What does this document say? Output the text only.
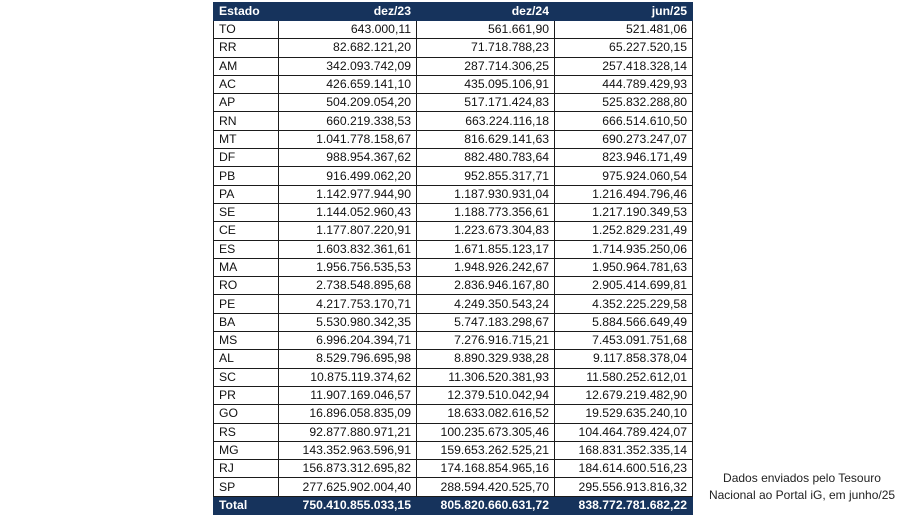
Estado	dez/23	dez/24	jun/25
TO	643.000,11	561.661,90	521.481,06
RR	82.682.121,20	71.718.788,23	65.227.520,15
AM	342.093.742,09	287.714.306,25	257.418.328,14
AC	426.659.141,10	435.095.106,91	444.789.429,93
AP	504.209.054,20	517.171.424,83	525.832.288,80
RN	660.219.338,53	663.224.116,18	666.514.610,50
MT	1.041.778.158,67	816.629.141,63	690.273.247,07
DF	988.954.367,62	882.480.783,64	823.946.171,49
PB	916.499.062,20	952.855.317,71	975.924.060,54
PA	1.142.977.944,90	1.187.930.931,04	1.216.494.796,46
SE	1.144.052.960,43	1.188.773.356,61	1.217.190.349,53
CE	1.177.807.220,91	1.223.673.304,83	1.252.829.231,49
ES	1.603.832.361,61	1.671.855.123,17	1.714.935.250,06
MA	1.956.756.535,53	1.948.926.242,67	1.950.964.781,63
RO	2.738.548.895,68	2.836.946.167,80	2.905.414.699,81
PE	4.217.753.170,71	4.249.350.543,24	4.352.225.229,58
BA	5.530.980.342,35	5.747.183.298,67	5.884.566.649,49
MS	6.996.204.394,71	7.276.916.715,21	7.453.091.751,68
AL	8.529.796.695,98	8.890.329.938,28	9.117.858.378,04
SC	10.875.119.374,62	11.306.520.381,93	11.580.252.612,01
PR	11.907.169.046,57	12.379.510.042,94	12.679.219.482,90
GO	16.896.058.835,09	18.633.082.616,52	19.529.635.240,10
RS	92.877.880.971,21	100.235.673.305,46	104.464.789.424,07
MG	143.352.963.596,91	159.653.262.525,21	168.831.352.335,14
RJ	156.873.312.695,82	174.168.854.965,16	184.614.600.516,23
SP	277.625.902.004,40	288.594.420.525,70	295.556.913.816,32
Total	750.410.855.033,15	805.820.660.631,72	838.772.781.682,22
Dados enviados pelo Tesouro
Nacional ao Portal iG, em junho/25
